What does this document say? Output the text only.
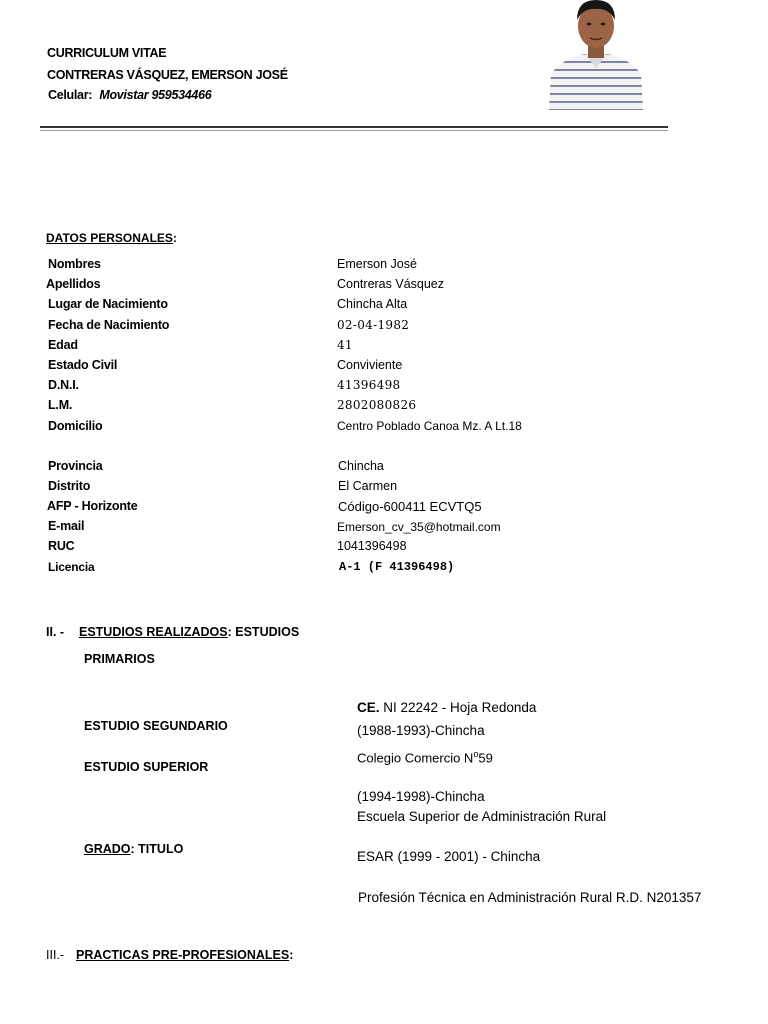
CURRICULUM VITAE
CONTRERAS VÁSQUEZ, EMERSON JOSÉ
Celular: Movistar 959534466
DATOS PERSONALES:
Nombres	Emerson José
Apellidos	Contreras Vásquez
Lugar de Nacimiento	Chincha Alta
Fecha de Nacimiento	02-04-1982
Edad	41
Estado Civil	Conviviente
D.N.I.	41396498
L.M.	2802080826
Domicilio	Centro Poblado Canoa Mz. A Lt.18
Provincia	Chincha
Distrito	El Carmen
AFP - Horizonte	Código-600411 ECVTQ5
E-mail	Emerson_cv_35@hotmail.com
RUC	1041396498
Licencia	A-1 (F 41396498)
II. - ESTUDIOS REALIZADOS: ESTUDIOS
PRIMARIOS
CE. NI 22242 - Hoja Redonda
ESTUDIO SEGUNDARIO	(1988-1993)-Chincha
Colegio Comercio $N^o59$
ESTUDIO SUPERIOR
(1994-1998)-Chincha
Escuela Superior de Administración Rural
GRADO: TITULO	ESAR (1999 - 2001) - Chincha
Profesión Técnica en Administración Rural R.D. N201357
III.- PRACTICAS PRE-PROFESIONALES:
